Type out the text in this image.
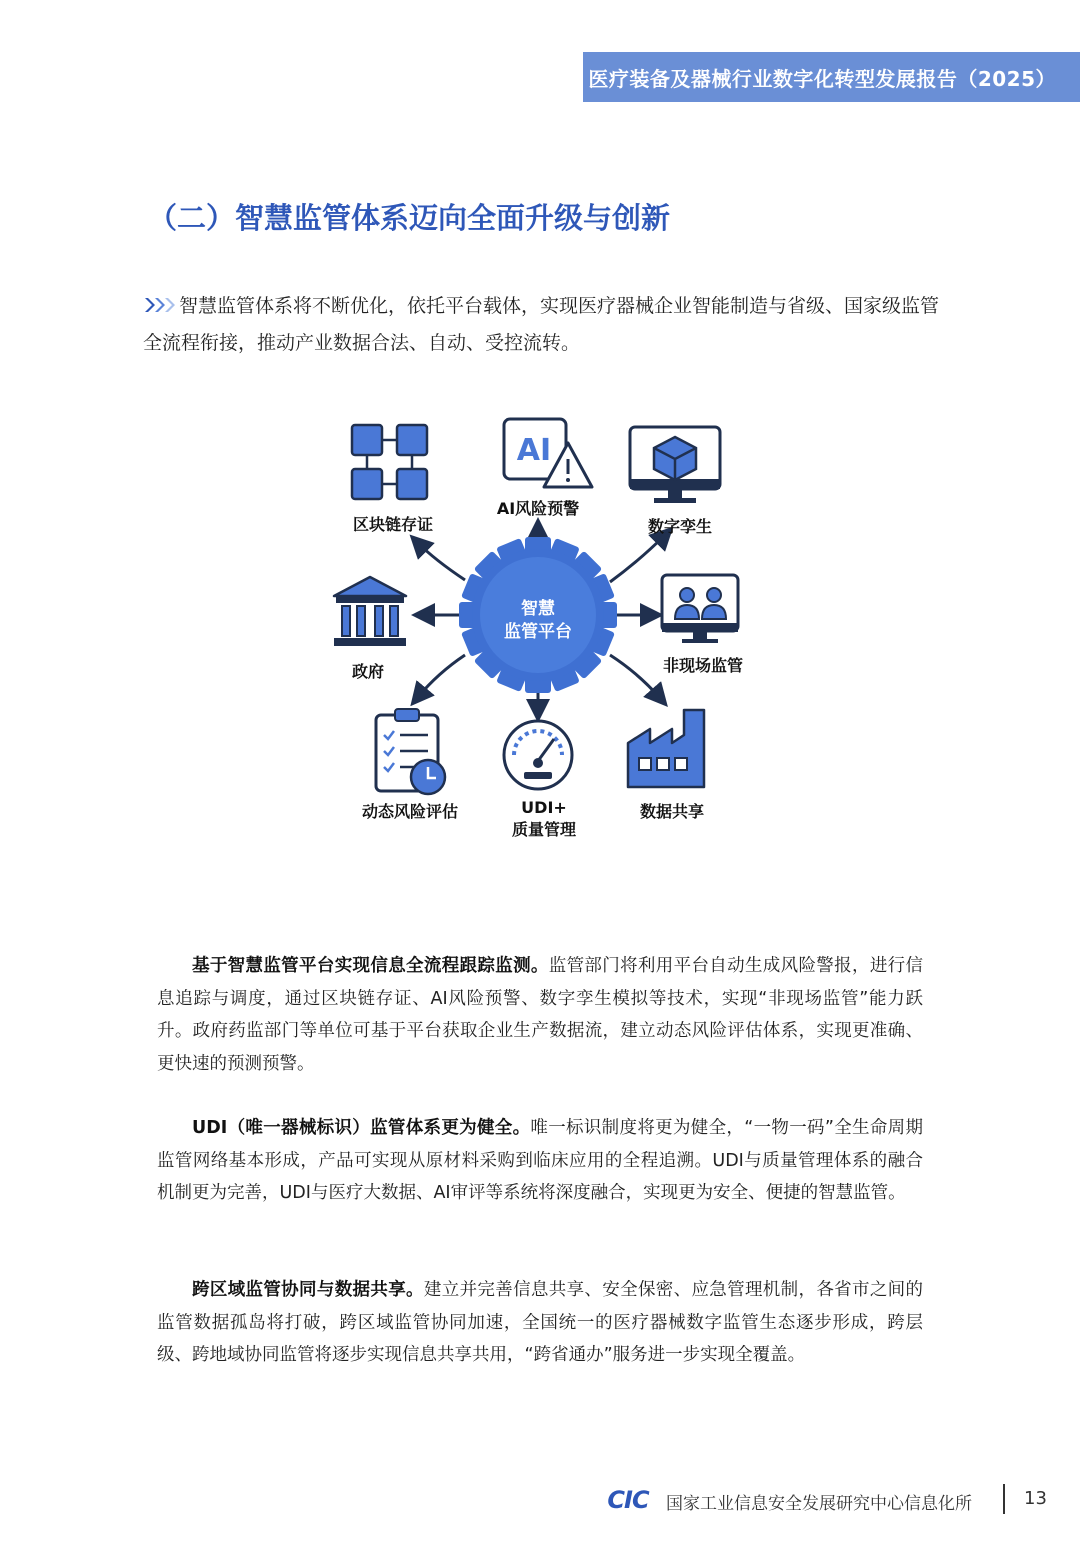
医疗装备及器械行业数字化转型发展报告（2025）
（二）智慧监管体系迈向全面升级与创新
智慧监管体系将不断优化，依托平台载体，实现医疗器械企业智能制造与省级、国家级监管全流程衔接，推动产业数据合法、自动、受控流转。
智慧
监管平台
区块链存证
AI
AI风险预警
数字孪生
政府	非现场监管
动态风险评估	UDI+
质量管理
数据共享
基于智慧监管平台实现信息全流程跟踪监测。监管部门将利用平台自动生成风险警报，进行信息追踪与调度，通过区块链存证、AI风险预警、数字孪生模拟等技术，实现“非现场监管”能力跃升。政府药监部门等单位可基于平台获取企业生产数据流，建立动态风险评估体系，实现更准确、更快速的预测预警。
UDI（唯一器械标识）监管体系更为健全。唯一标识制度将更为健全，“一物一码”全生命周期监管网络基本形成，产品可实现从原材料采购到临床应用的全程追溯。UDI与质量管理体系的融合机制更为完善，UDI与医疗大数据、AI审评等系统将深度融合，实现更为安全、便捷的智慧监管。
跨区域监管协同与数据共享。建立并完善信息共享、安全保密、应急管理机制，各省市之间的监管数据孤岛将打破，跨区域监管协同加速，全国统一的医疗器械数字监管生态逐步形成，跨层级、跨地域协同监管将逐步实现信息共享共用，“跨省通办”服务进一步实现全覆盖。
CIC 国家工业信息安全发展研究中心信息化所	13
